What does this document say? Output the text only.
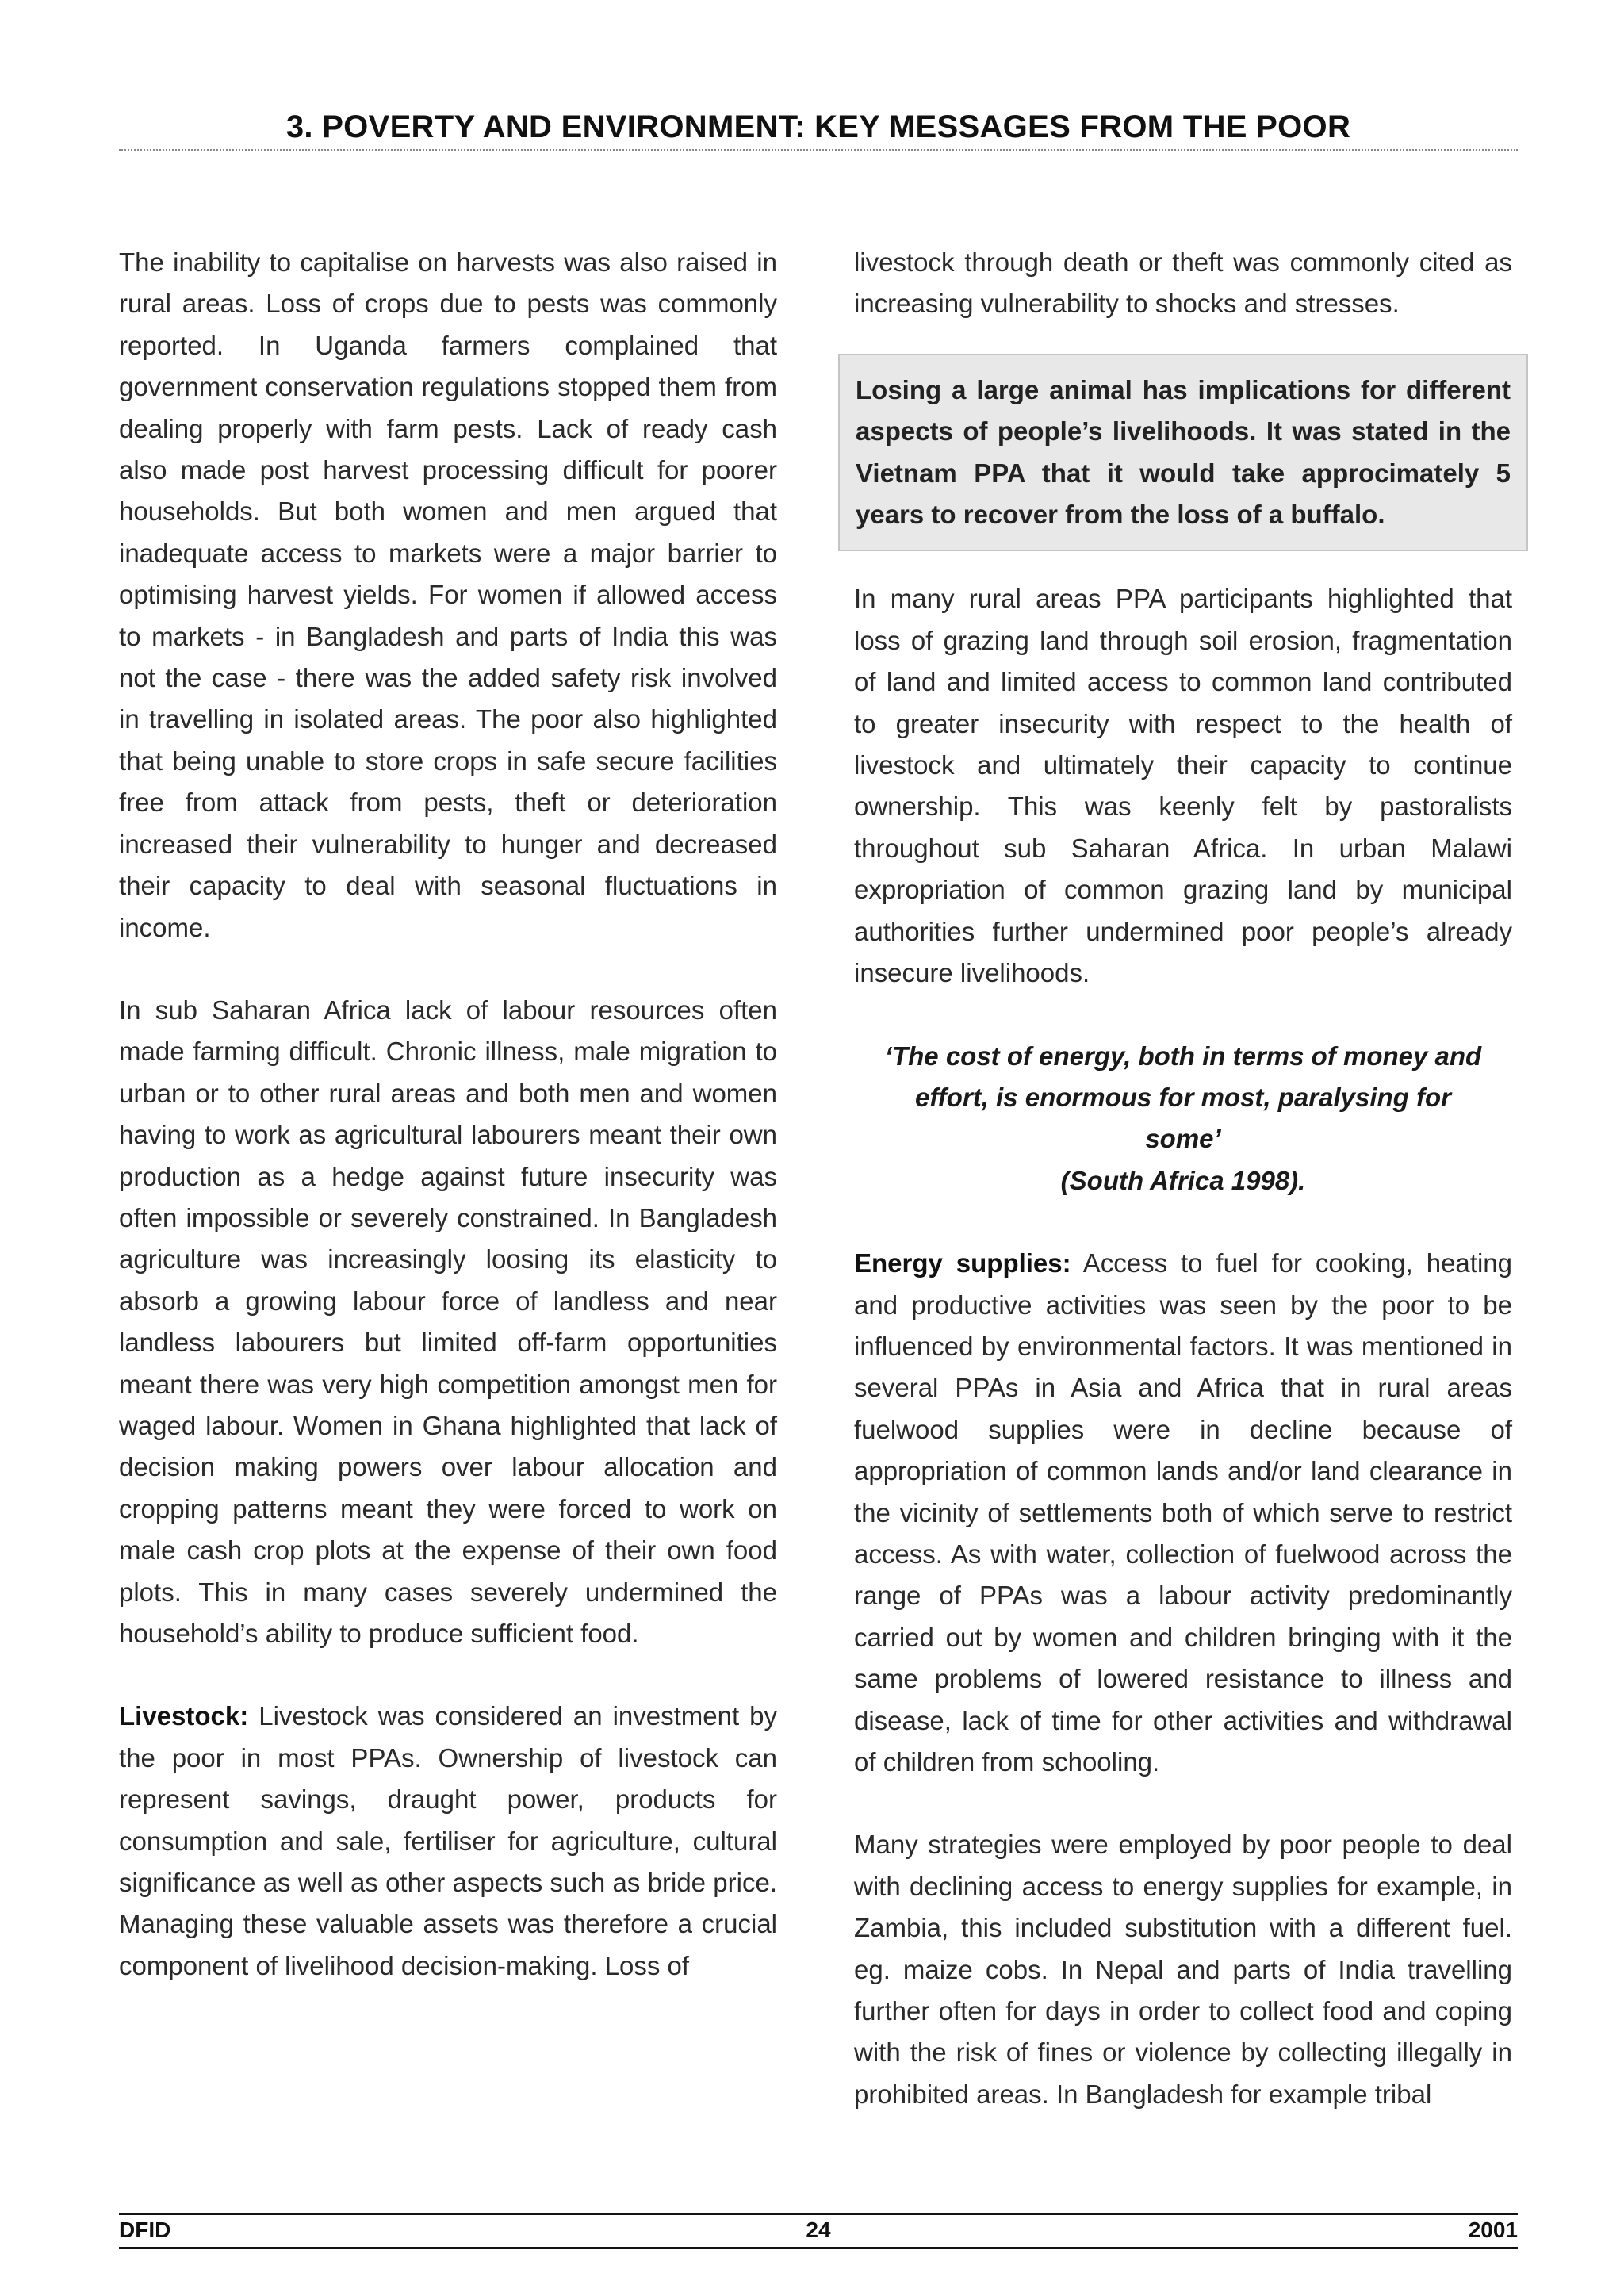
3. POVERTY AND ENVIRONMENT: KEY MESSAGES FROM THE POOR

The inability to capitalise on harvests was also raised in rural areas. Loss of crops due to pests was commonly reported. In Uganda farmers complained that government conservation regulations stopped them from dealing properly with farm pests. Lack of ready cash also made post harvest processing difficult for poorer households. But both women and men argued that inadequate access to markets were a major barrier to optimising harvest yields. For women if allowed access to markets - in Bangladesh and parts of India this was not the case - there was the added safety risk involved in travelling in isolated areas. The poor also highlighted that being unable to store crops in safe secure facilities free from attack from pests, theft or deterioration increased their vulnerability to hunger and decreased their capacity to deal with seasonal fluctuations in income.

In sub Saharan Africa lack of labour resources often made farming difficult. Chronic illness, male migration to urban or to other rural areas and both men and women having to work as agricultural labourers meant their own production as a hedge against future insecurity was often impossible or severely constrained. In Bangladesh agriculture was increasingly loosing its elasticity to absorb a growing labour force of landless and near landless labourers but limited off-farm opportunities meant there was very high competition amongst men for waged labour. Women in Ghana highlighted that lack of decision making powers over labour allocation and cropping patterns meant they were forced to work on male cash crop plots at the expense of their own food plots. This in many cases severely undermined the household’s ability to produce sufficient food.

Livestock: Livestock was considered an investment by the poor in most PPAs. Ownership of livestock can represent savings, draught power, products for consumption and sale, fertiliser for agriculture, cultural significance as well as other aspects such as bride price. Managing these valuable assets was therefore a crucial component of livelihood decision-making. Loss of

livestock through death or theft was commonly cited as increasing vulnerability to shocks and stresses.

Losing a large animal has implications for different aspects of people’s livelihoods. It was stated in the Vietnam PPA that it would take approcimately 5 years to recover from the loss of a buffalo.

In many rural areas PPA participants highlighted that loss of grazing land through soil erosion, fragmentation of land and limited access to common land contributed to greater insecurity with respect to the health of livestock and ultimately their capacity to continue ownership. This was keenly felt by pastoralists throughout sub Saharan Africa. In urban Malawi expropriation of common grazing land by municipal authorities further undermined poor people’s already insecure livelihoods.

‘The cost of energy, both in terms of money and effort, is enormous for most, paralysing for some’
(South Africa 1998).

Energy supplies: Access to fuel for cooking, heating and productive activities was seen by the poor to be influenced by environmental factors. It was mentioned in several PPAs in Asia and Africa that in rural areas fuelwood supplies were in decline because of appropriation of common lands and/or land clearance in the vicinity of settlements both of which serve to restrict access. As with water, collection of fuelwood across the range of PPAs was a labour activity predominantly carried out by women and children bringing with it the same problems of lowered resistance to illness and disease, lack of time for other activities and withdrawal of children from schooling.

Many strategies were employed by poor people to deal with declining access to energy supplies for example, in Zambia, this included substitution with a different fuel. eg. maize cobs. In Nepal and parts of India travelling further often for days in order to collect food and coping with the risk of fines or violence by collecting illegally in prohibited areas. In Bangladesh for example tribal

DFID	24	2001
